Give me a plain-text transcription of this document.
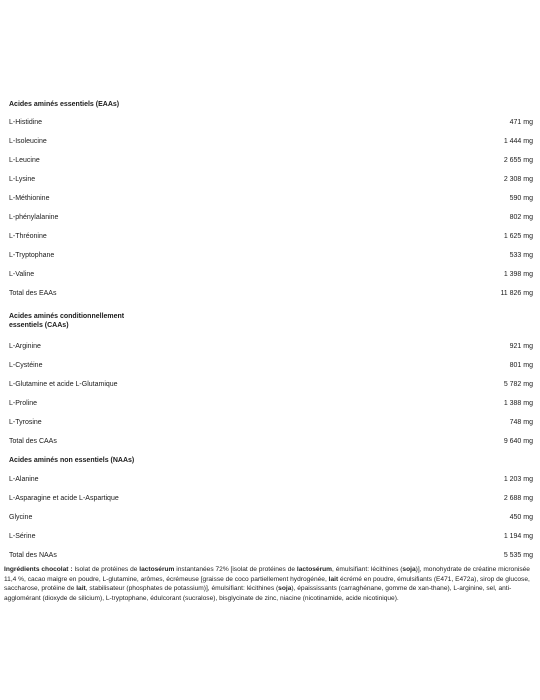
Acides aminés essentiels (EAAs)
L-Histidine	471 mg
L-Isoleucine	1 444 mg
L-Leucine	2 655 mg
L-Lysine	2 308 mg
L-Méthionine	590 mg
L-phénylalanine	802 mg
L-Thréonine	1 625 mg
L-Tryptophane	533 mg
L-Valine	1 398 mg
Total des EAAs	11 826 mg
Acides aminés conditionnellement
essentiels (CAAs)
L-Arginine	921 mg
L-Cystéine	801 mg
L-Glutamine et acide L-Glutamique	5 782 mg
L-Proline	1 388 mg
L-Tyrosine	748 mg
Total des CAAs	9 640 mg
Acides aminés non essentiels (NAAs)
L-Alanine	1 203 mg
L-Asparagine et acide L-Aspartique	2 688 mg
Glycine	450 mg
L-Sérine	1 194 mg
Total des NAAs	5 535 mg
Ingrédients chocolat : Isolat de protéines de lactosérum instantanées 72% [isolat de protéines de lactosérum, émulsifiant: lécithines (soja)], monohydrate de créatine micronisée 11,4 %, cacao maigre en poudre, L-glutamine, arômes, écrémeuse [graisse de coco partiellement hydrogénée, lait écrémé en poudre, émulsifiants (E471, E472a), sirop de glucose, saccharose, protéine de lait, stabilisateur (phosphates de potassium)], émulsifiant: lécithines (soja), épaississants (carraghénane, gomme de xan-thane), L-arginine, sel, anti-agglomérant (dioxyde de silicium), L-tryptophane, édulcorant (sucralose), bisglycinate de zinc, niacine (nicotinamide, acide nicotinique).
